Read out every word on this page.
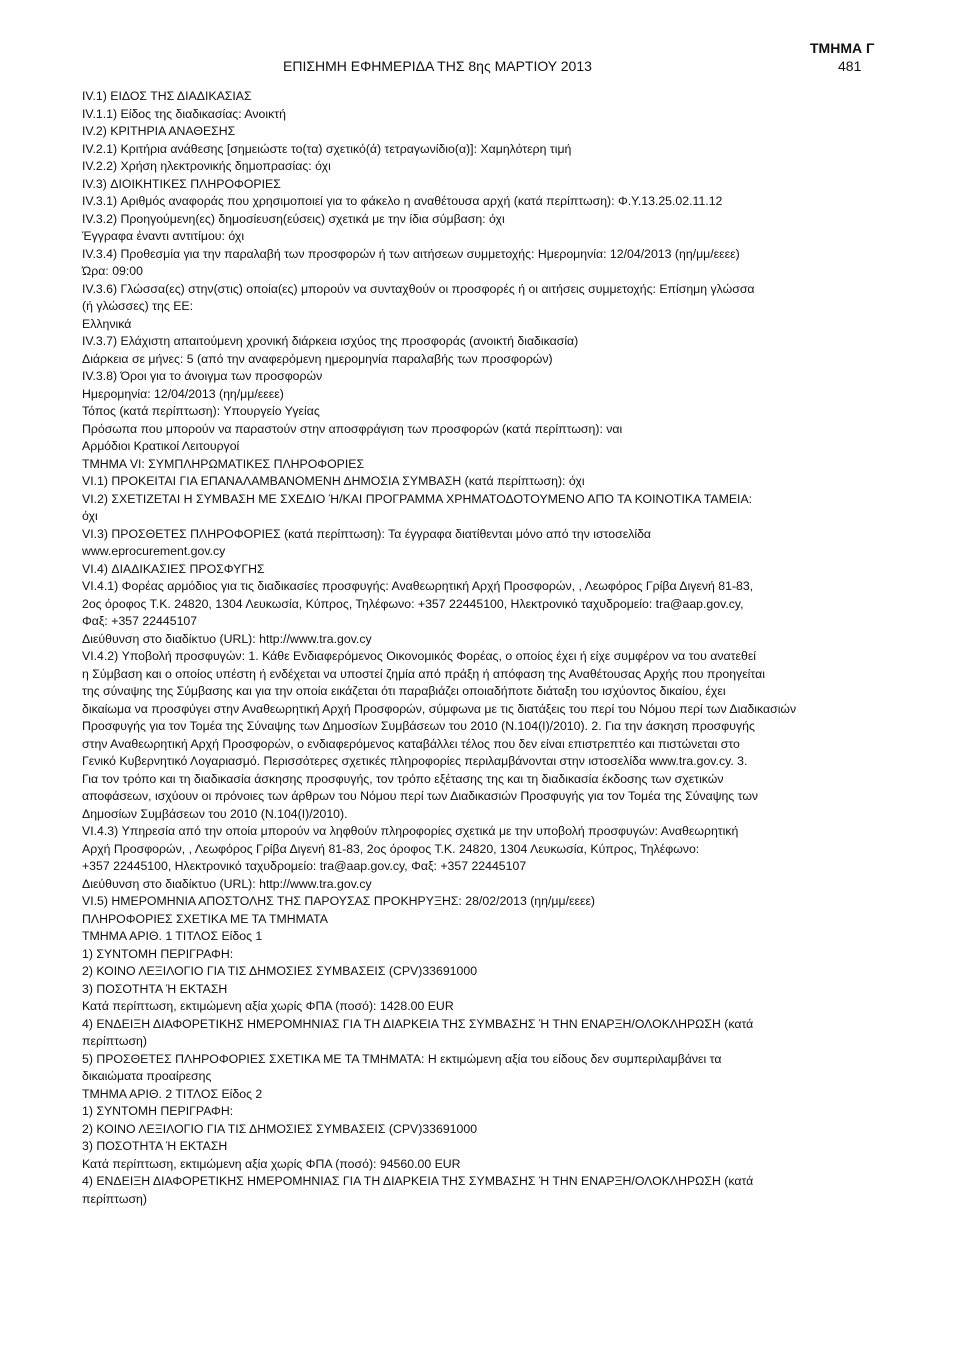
ΕΠΙΣΗΜΗ ΕΦΗΜΕΡΙΔΑ ΤΗΣ 8ης ΜΑΡΤΙΟΥ 2013
ΤΜΗΜΑ Γ
481
IV.1) ΕΙΔΟΣ ΤΗΣ ΔΙΑΔΙΚΑΣΙΑΣ
IV.1.1) Είδος της διαδικασίας: Ανοικτή
IV.2) ΚΡΙΤΗΡΙΑ ΑΝΑΘΕΣΗΣ
IV.2.1) Κριτήρια ανάθεσης [σημειώστε το(τα) σχετικό(ά) τετραγωνίδιο(α)]: Χαμηλότερη τιμή
IV.2.2) Χρήση ηλεκτρονικής δημοπρασίας: όχι
IV.3) ΔΙΟΙΚΗΤΙΚΕΣ ΠΛΗΡΟΦΟΡΙΕΣ
IV.3.1) Αριθμός αναφοράς που χρησιμοποιεί για το φάκελο η αναθέτουσα αρχή (κατά περίπτωση): Φ.Υ.13.25.02.11.12
IV.3.2) Προηγούμενη(ες) δημοσίευση(εύσεις) σχετικά με την ίδια σύμβαση: όχι
Έγγραφα έναντι αντιτίμου: όχι
IV.3.4) Προθεσμία για την παραλαβή των προσφορών ή των αιτήσεων συμμετοχής: Ημερομηνία: 12/04/2013 (ηη/μμ/εεεε)
Ώρα: 09:00
IV.3.6) Γλώσσα(ες) στην(στις) οποία(ες) μπορούν να συνταχθούν οι προσφορές ή οι αιτήσεις συμμετοχής: Επίσημη γλώσσα
(ή γλώσσες) της ΕΕ:
Ελληνικά
IV.3.7) Ελάχιστη απαιτούμενη χρονική διάρκεια ισχύος της προσφοράς (ανοικτή διαδικασία)
Διάρκεια σε μήνες: 5 (από την αναφερόμενη ημερομηνία παραλαβής των προσφορών)
IV.3.8) Όροι για το άνοιγμα των προσφορών
Ημερομηνία: 12/04/2013 (ηη/μμ/εεεε)
Τόπος (κατά περίπτωση): Υπουργείο Υγείας
Πρόσωπα που μπορούν να παραστούν στην αποσφράγιση των προσφορών (κατά περίπτωση): ναι
Αρμόδιοι Κρατικοί Λειτουργοί
ΤΜΗΜΑ VI: ΣΥΜΠΛΗΡΩΜΑΤΙΚΕΣ ΠΛΗΡΟΦΟΡΙΕΣ
VI.1) ΠΡΟΚΕΙΤΑΙ ΓΙΑ ΕΠΑΝΑΛΑΜΒΑΝΟΜΕΝΗ ΔΗΜΟΣΙΑ ΣΥΜΒΑΣΗ (κατά περίπτωση): όχι
VI.2) ΣΧΕΤΙΖΕΤΑΙ Η ΣΥΜΒΑΣΗ ΜΕ ΣΧΕΔΙΟ Ή/ΚΑΙ ΠΡΟΓΡΑΜΜΑ ΧΡΗΜΑΤΟΔΟΤΟΥΜΕΝΟ ΑΠΟ ΤΑ ΚΟΙΝΟΤΙΚΑ ΤΑΜΕΙΑ:
όχι
VI.3) ΠΡΟΣΘΕΤΕΣ ΠΛΗΡΟΦΟΡΙΕΣ (κατά περίπτωση): Τα έγγραφα διατίθενται μόνο από την ιστοσελίδα
www.eprocurement.gov.cy
VI.4) ΔΙΑΔΙΚΑΣΙΕΣ ΠΡΟΣΦΥΓΗΣ
VI.4.1) Φορέας αρμόδιος για τις διαδικασίες προσφυγής: Αναθεωρητική Αρχή Προσφορών, , Λεωφόρος Γρίβα Διγενή 81-83,
2ος όροφος Τ.Κ. 24820, 1304 Λευκωσία, Κύπρος, Τηλέφωνο: +357 22445100, Ηλεκτρονικό ταχυδρομείο: tra@aap.gov.cy,
Φαξ: +357 22445107
Διεύθυνση στο διαδίκτυο (URL): http://www.tra.gov.cy
VI.4.2) Υποβολή προσφυγών: 1. Κάθε Ενδιαφερόμενος Οικονομικός Φορέας, ο οποίος έχει ή είχε συμφέρον να του ανατεθεί
η Σύμβαση και ο οποίος υπέστη ή ενδέχεται να υποστεί ζημία από πράξη ή απόφαση της Αναθέτουσας Αρχής που προηγείται
της σύναψης της Σύμβασης και για την οποία εικάζεται ότι παραβιάζει οποιαδήποτε διάταξη του ισχύοντος δικαίου, έχει
δικαίωμα να προσφύγει στην Αναθεωρητική Αρχή Προσφορών, σύμφωνα με τις διατάξεις του περί του Νόμου περί των Διαδικασιών
Προσφυγής για τον Τομέα της Σύναψης των Δημοσίων Συμβάσεων του 2010 (Ν.104(Ι)/2010). 2. Για την άσκηση προσφυγής
στην Αναθεωρητική Αρχή Προσφορών, ο ενδιαφερόμενος καταβάλλει τέλος που δεν είναι επιστρεπτέο και πιστώνεται στο
Γενικό Κυβερνητικό Λογαριασμό. Περισσότερες σχετικές πληροφορίες περιλαμβάνονται στην ιστοσελίδα www.tra.gov.cy. 3.
Για τον τρόπο και τη διαδικασία άσκησης προσφυγής, τον τρόπο εξέτασης της και τη διαδικασία έκδοσης των σχετικών
αποφάσεων, ισχύουν οι πρόνοιες των άρθρων του Νόμου περί των Διαδικασιών Προσφυγής για τον Τομέα της Σύναψης των
Δημοσίων Συμβάσεων του 2010 (Ν.104(Ι)/2010).
VI.4.3) Υπηρεσία από την οποία μπορούν να ληφθούν πληροφορίες σχετικά με την υποβολή προσφυγών: Αναθεωρητική
Αρχή Προσφορών, , Λεωφόρος Γρίβα Διγενή 81-83, 2ος όροφος Τ.Κ. 24820, 1304 Λευκωσία, Κύπρος, Τηλέφωνο:
+357 22445100, Ηλεκτρονικό ταχυδρομείο: tra@aap.gov.cy, Φαξ: +357 22445107
Διεύθυνση στο διαδίκτυο (URL): http://www.tra.gov.cy
VI.5) ΗΜΕΡΟΜΗΝΙΑ ΑΠΟΣΤΟΛΗΣ ΤΗΣ ΠΑΡΟΥΣΑΣ ΠΡΟΚΗΡΥΞΗΣ: 28/02/2013 (ηη/μμ/εεεε)
ΠΛΗΡΟΦΟΡΙΕΣ ΣΧΕΤΙΚΑ ΜΕ ΤΑ ΤΜΗΜΑΤΑ
ΤΜΗΜΑ ΑΡΙΘ. 1 ΤΙΤΛΟΣ Είδος 1
1) ΣΥΝΤΟΜΗ ΠΕΡΙΓΡΑΦΗ:
2) ΚΟΙΝΟ ΛΕΞΙΛΟΓΙΟ ΓΙΑ ΤΙΣ ΔΗΜΟΣΙΕΣ ΣΥΜΒΑΣΕΙΣ (CPV)33691000
3) ΠΟΣΟΤΗΤΑ Ή ΕΚΤΑΣΗ
Κατά περίπτωση, εκτιμώμενη αξία χωρίς ΦΠΑ (ποσό): 1428.00 EUR
4) ΕΝΔΕΙΞΗ ΔΙΑΦΟΡΕΤΙΚΗΣ ΗΜΕΡΟΜΗΝΙΑΣ ΓΙΑ ΤΗ ΔΙΑΡΚΕΙΑ ΤΗΣ ΣΥΜΒΑΣΗΣ Ή ΤΗΝ ΕΝΑΡΞΗ/ΟΛΟΚΛΗΡΩΣΗ (κατά
περίπτωση)
5) ΠΡΟΣΘΕΤΕΣ ΠΛΗΡΟΦΟΡΙΕΣ ΣΧΕΤΙΚΑ ΜΕ ΤΑ ΤΜΗΜΑΤΑ: Η εκτιμώμενη αξία του είδους δεν συμπεριλαμβάνει τα
δικαιώματα προαίρεσης
ΤΜΗΜΑ ΑΡΙΘ. 2 ΤΙΤΛΟΣ Είδος 2
1) ΣΥΝΤΟΜΗ ΠΕΡΙΓΡΑΦΗ:
2) ΚΟΙΝΟ ΛΕΞΙΛΟΓΙΟ ΓΙΑ ΤΙΣ ΔΗΜΟΣΙΕΣ ΣΥΜΒΑΣΕΙΣ (CPV)33691000
3) ΠΟΣΟΤΗΤΑ Ή ΕΚΤΑΣΗ
Κατά περίπτωση, εκτιμώμενη αξία χωρίς ΦΠΑ (ποσό): 94560.00 EUR
4) ΕΝΔΕΙΞΗ ΔΙΑΦΟΡΕΤΙΚΗΣ ΗΜΕΡΟΜΗΝΙΑΣ ΓΙΑ ΤΗ ΔΙΑΡΚΕΙΑ ΤΗΣ ΣΥΜΒΑΣΗΣ Ή ΤΗΝ ΕΝΑΡΞΗ/ΟΛΟΚΛΗΡΩΣΗ (κατά
περίπτωση)
